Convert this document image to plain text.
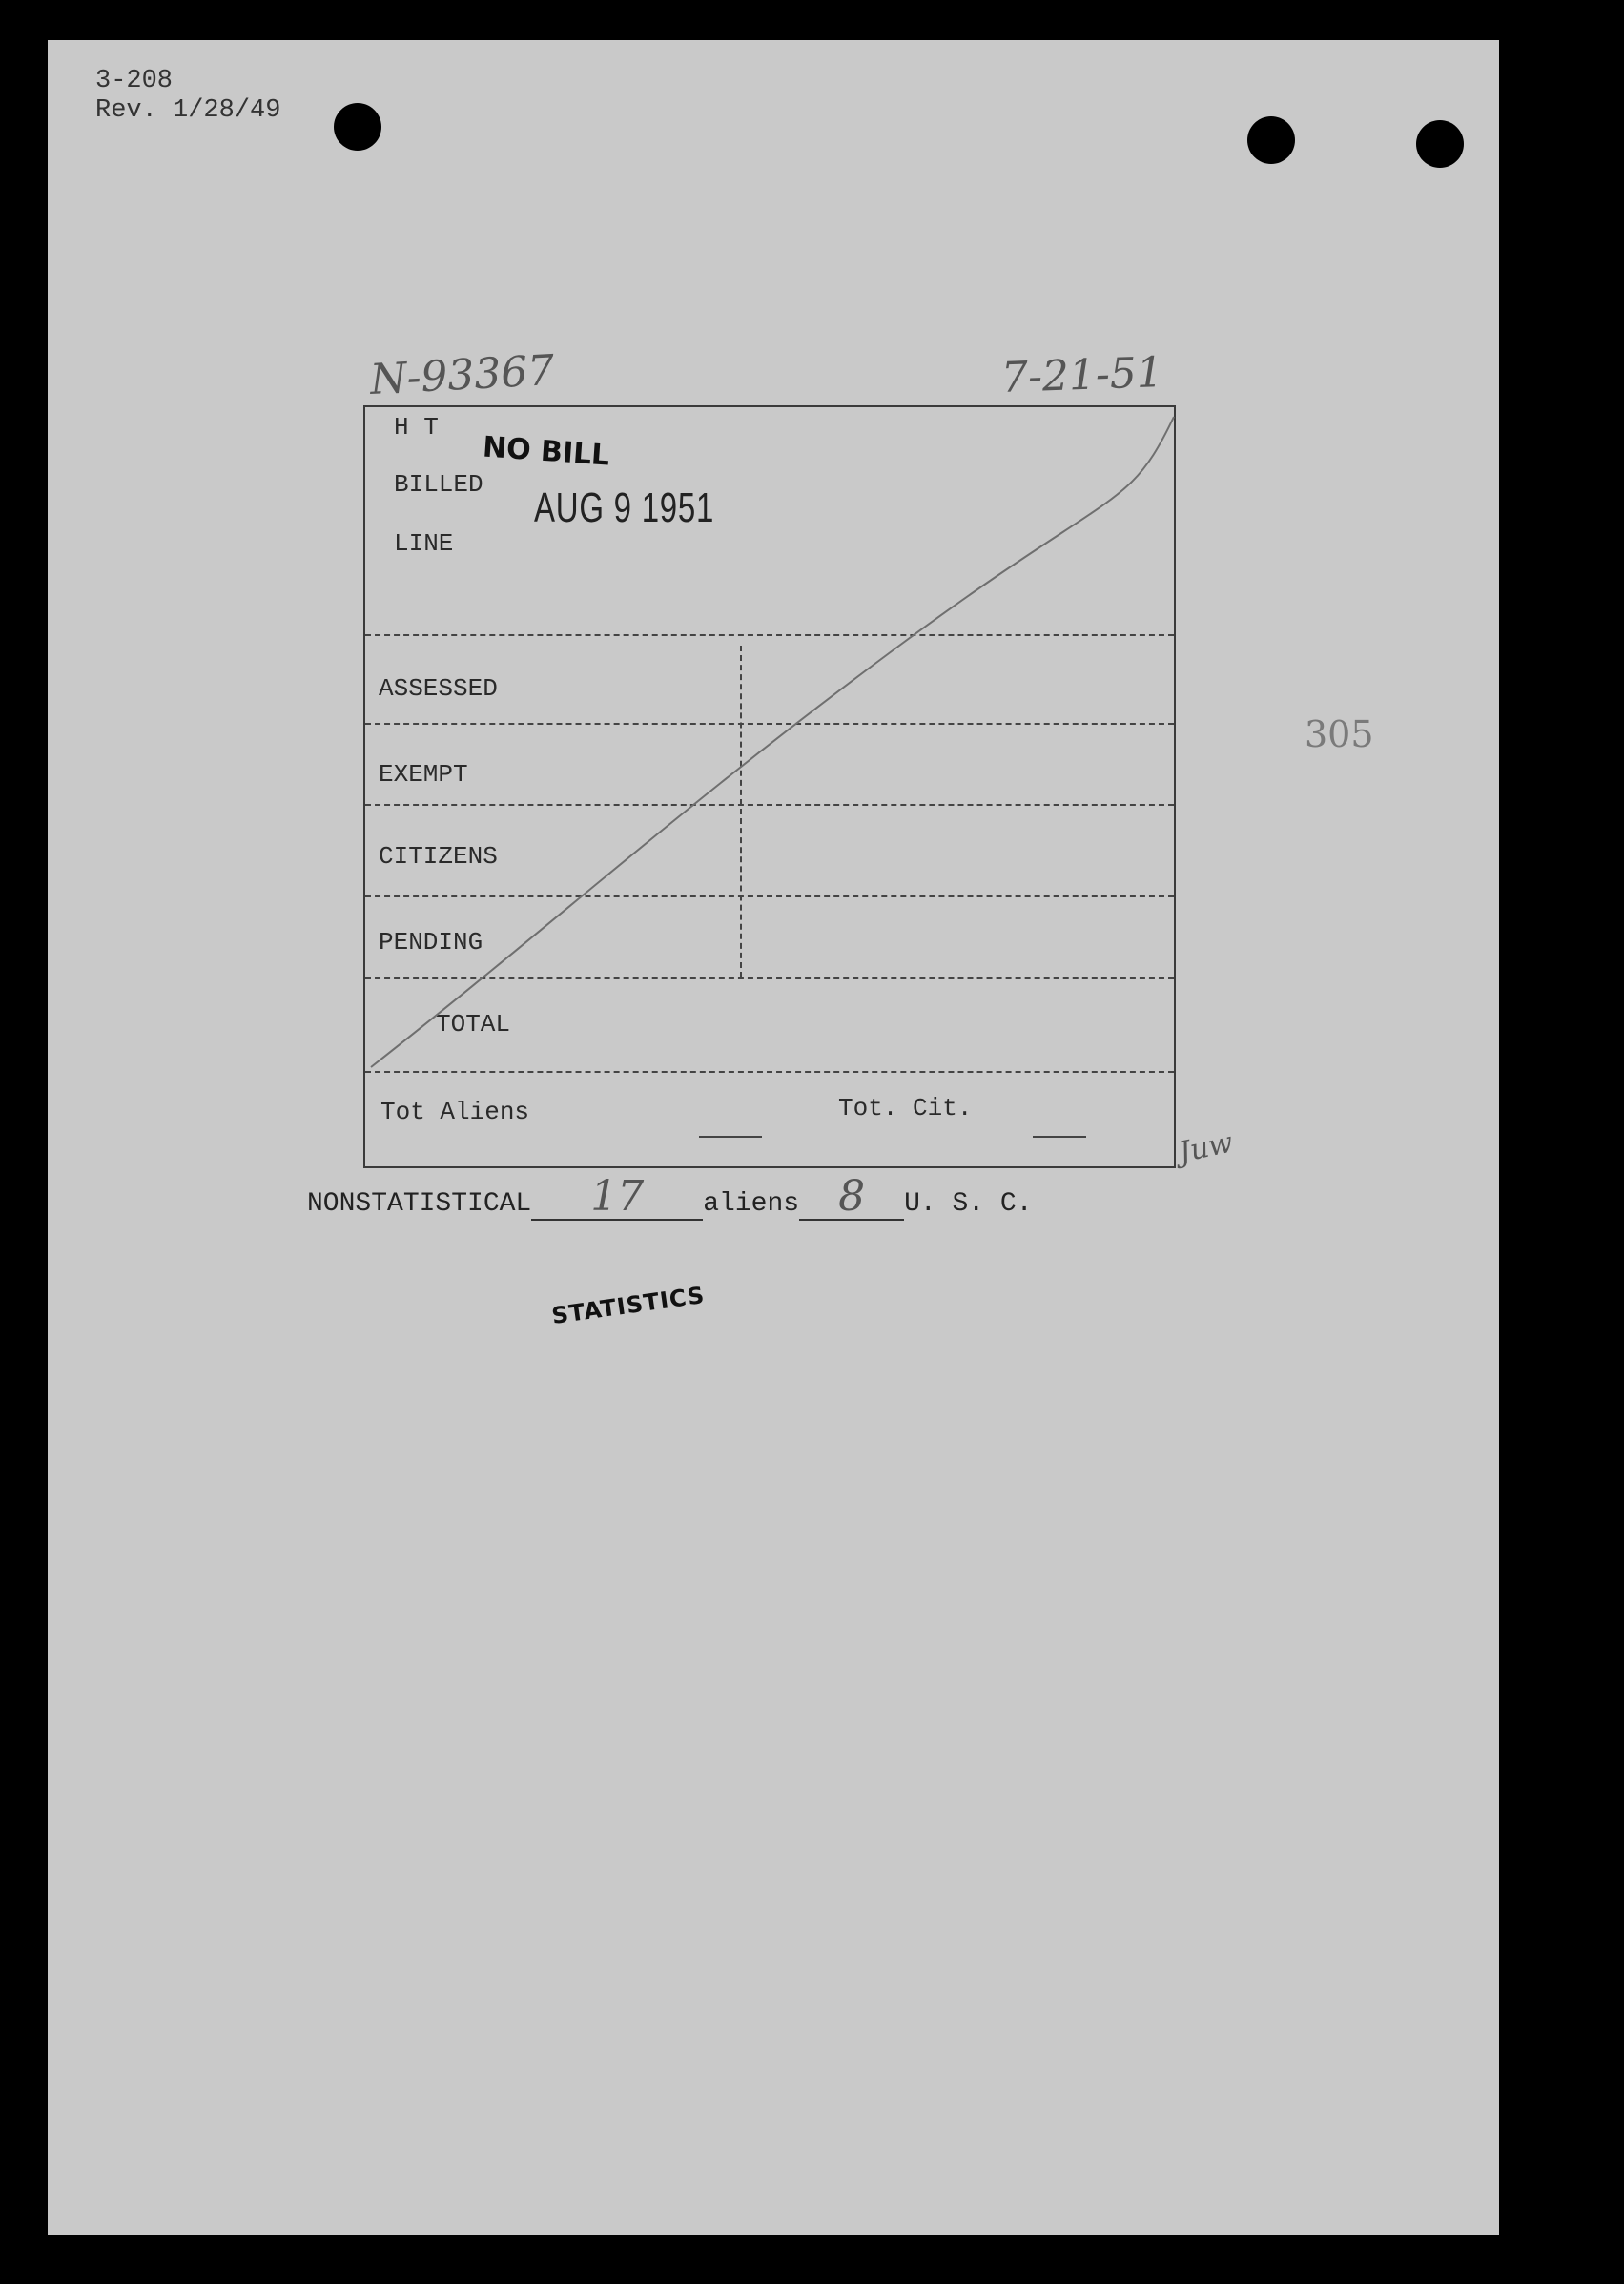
3-208
Rev. 1/28/49
N-93367	7-21-51
H T
BILLED
LINE
ASSESSED
EXEMPT
CITIZENS
PENDING
TOTAL
Tot Aliens	Tot. Cit.
NO BILL
AUG 9 1951
305
Juw
NONSTATISTICAL 17 aliens 8 U. S. C.
STATISTICS
